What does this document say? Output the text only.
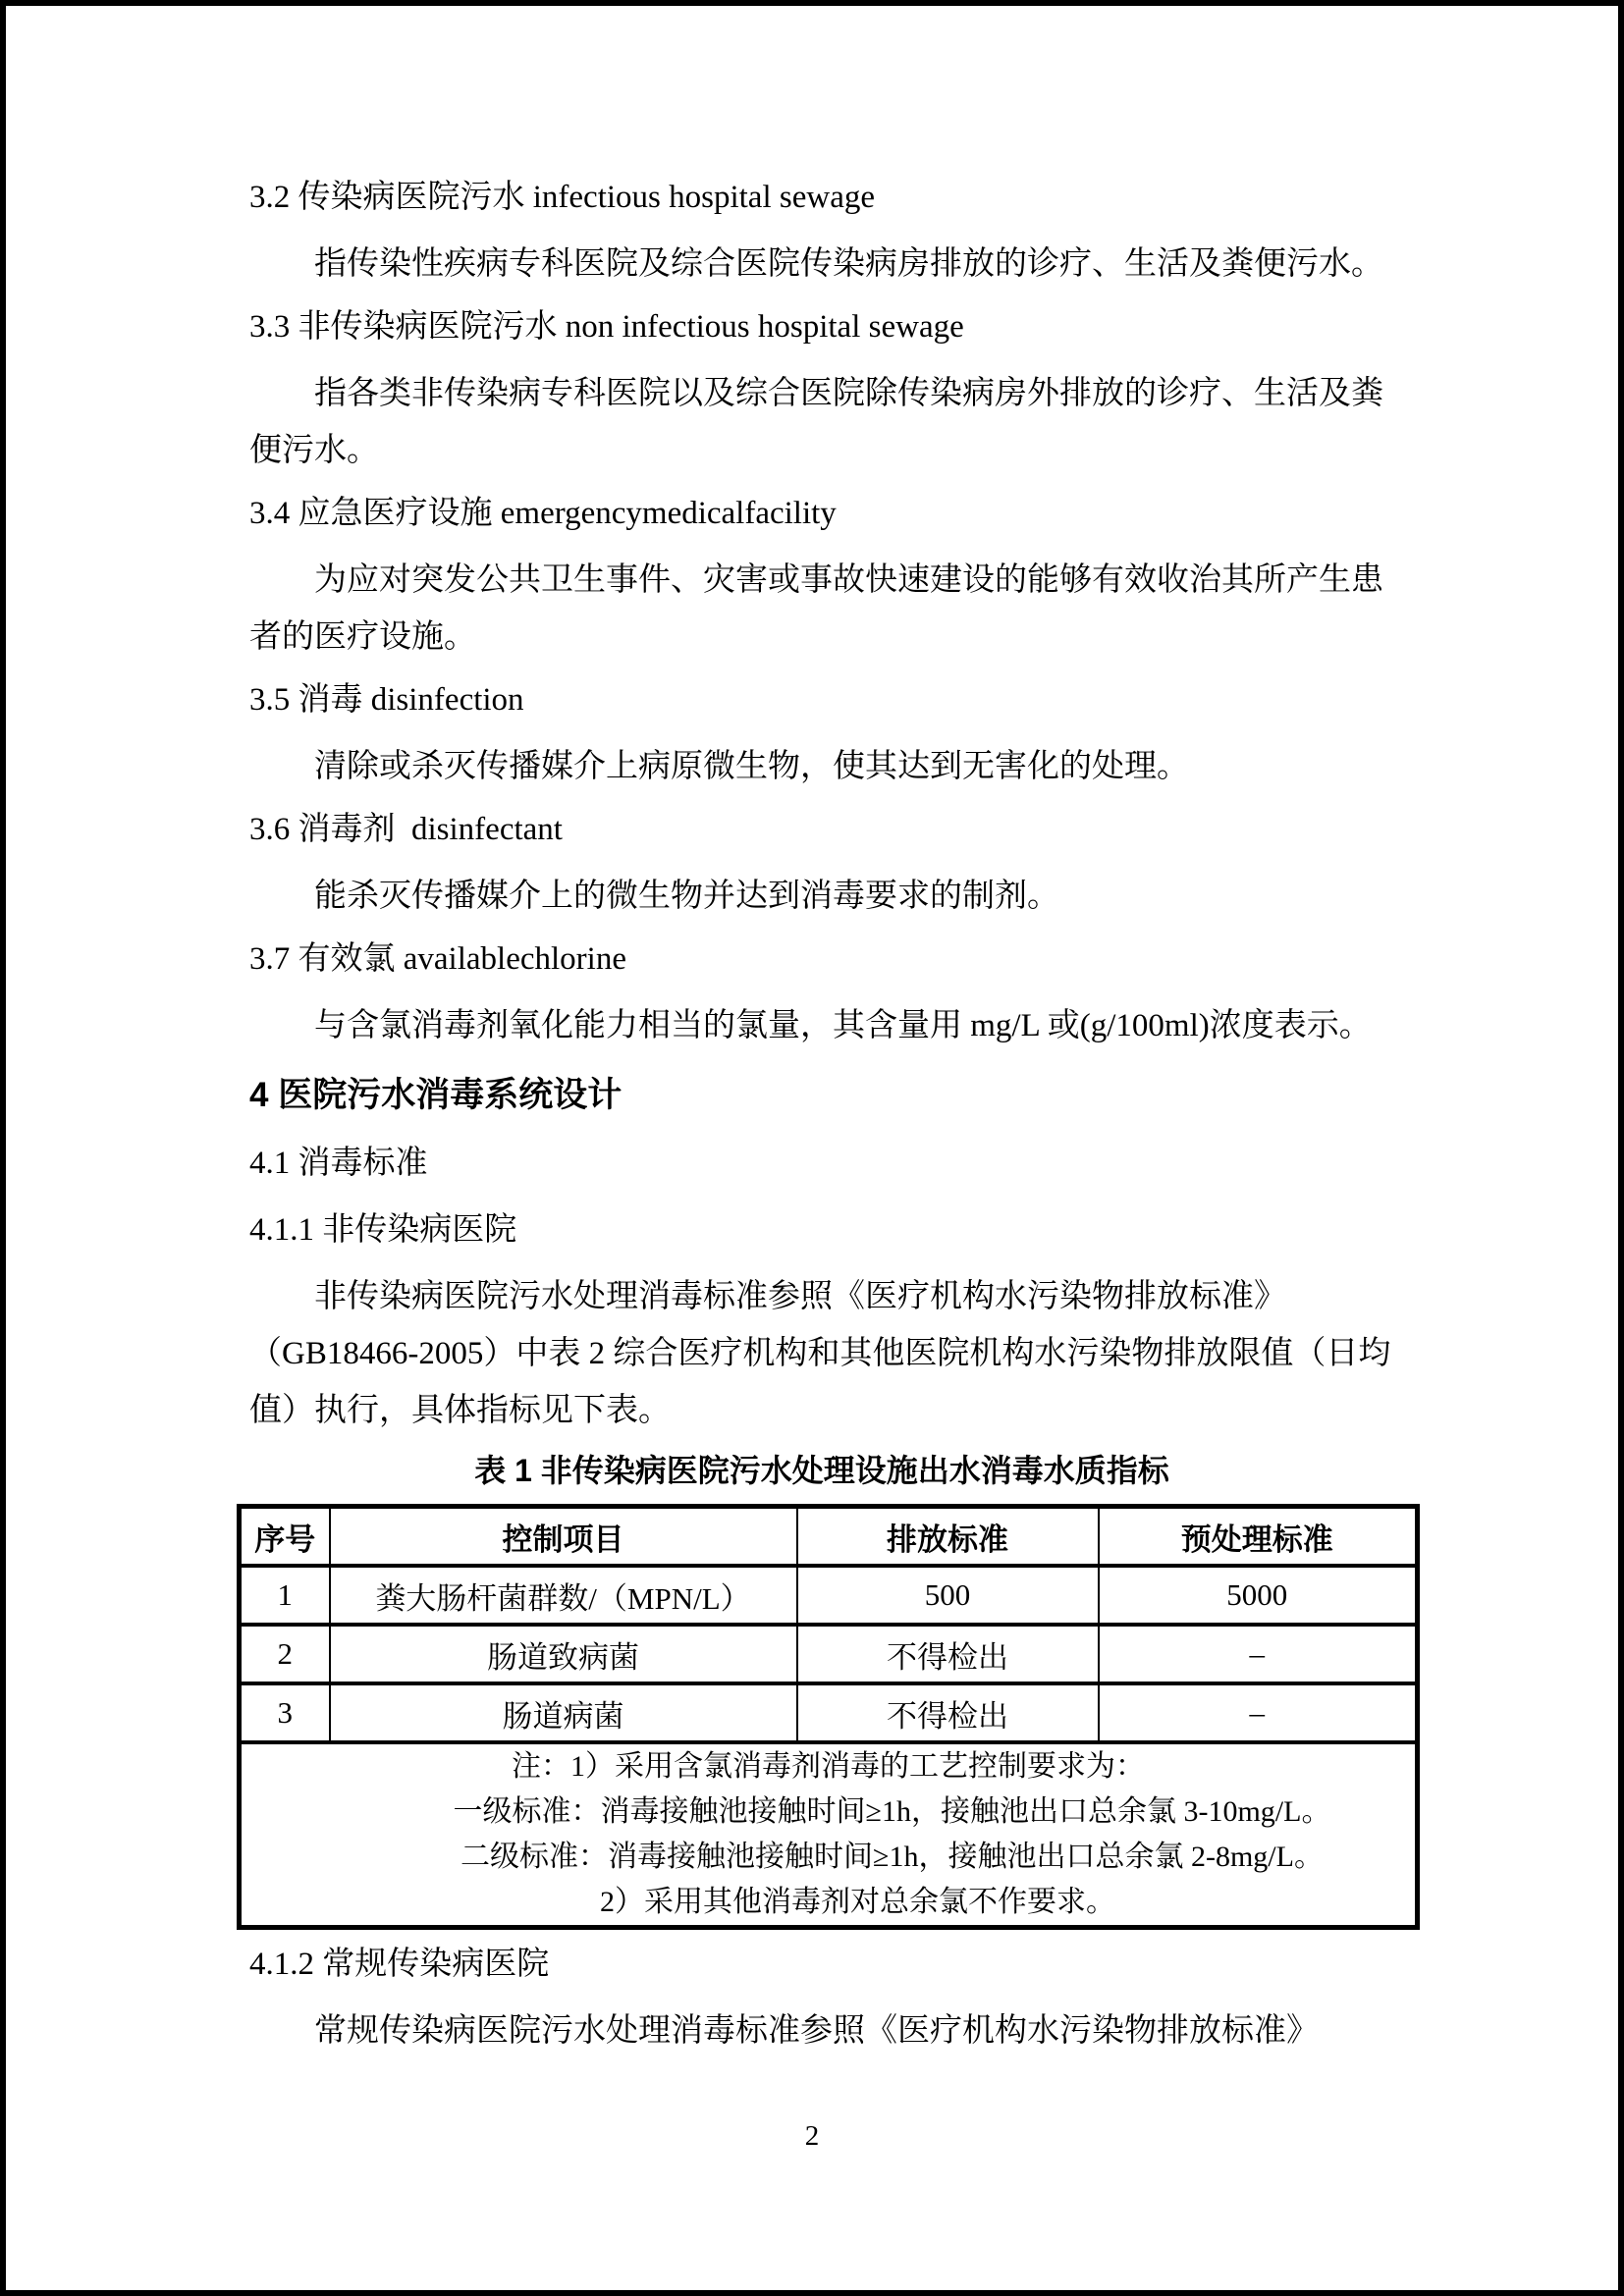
3.2 传染病医院污水 infectious hospital sewage

指传染性疾病专科医院及综合医院传染病房排放的诊疗、生活及粪便污水。

3.3 非传染病医院污水 non infectious hospital sewage

指各类非传染病专科医院以及综合医院除传染病房外排放的诊疗、生活及粪
便污水。

3.4 应急医疗设施 emergencymedicalfacility

为应对突发公共卫生事件、灾害或事故快速建设的能够有效收治其所产生患
者的医疗设施。

3.5 消毒 disinfection

清除或杀灭传播媒介上病原微生物，使其达到无害化的处理。

3.6 消毒剂  disinfectant

能杀灭传播媒介上的微生物并达到消毒要求的制剂。

3.7 有效氯 availablechlorine

与含氯消毒剂氧化能力相当的氯量，其含量用 mg/L 或(g/100ml)浓度表示。
4 医院污水消毒系统设计

4.1 消毒标准

4.1.1 非传染病医院

非传染病医院污水处理消毒标准参照《医疗机构水污染物排放标准》
（GB18466-2005）中表 2 综合医疗机构和其他医院机构水污染物排放限值（日均
值）执行，具体指标见下表。

表 1 非传染病医院污水处理设施出水消毒水质指标

序号	控制项目	排放标准	预处理标准
1	粪大肠杆菌群数/（MPN/L）	500	5000
2	肠道致病菌	不得检出	–
3	肠道病菌	不得检出	–

注：1）采用含氯消毒剂消毒的工艺控制要求为：
一级标准：消毒接触池接触时间≥1h，接触池出口总余氯 3-10mg/L。
二级标准：消毒接触池接触时间≥1h，接触池出口总余氯 2-8mg/L。
2）采用其他消毒剂对总余氯不作要求。			

4.1.2 常规传染病医院

常规传染病医院污水处理消毒标准参照《医疗机构水污染物排放标准》
2
